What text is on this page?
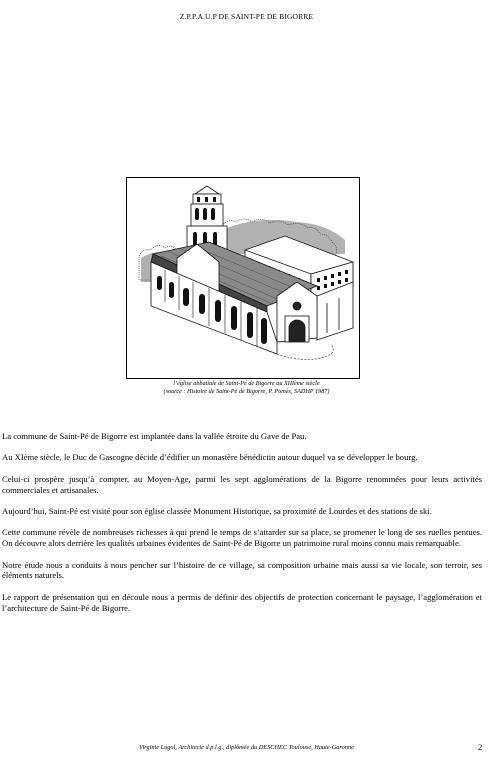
Z.P.P.A.U.P DE SAINT-PE DE BIGORRE
l’église abbatiale de Saint-Pé de Bigorre au XIIIème siècle
(source : Histoire de Saint-Pé de Bigorre, P. Pomès, SADHP 1987)

La commune de Saint-Pé de Bigorre est implantée dans la vallée étroite du Gave de Pau.

Au XIème siècle, le Duc de Gascogne décide d’édifier un monastère bénédictin autour duquel va se développer le bourg.

Celui-ci prospère jusqu’à compter, au Moyen-Age, parmi les sept agglomérations de la Bigorre renommées pour leurs activités commerciales et artisanales.

Aujourd’hui, Saint-Pé est visité pour son église classée Monument Historique, sa proximité de Lourdes et des stations de ski.

Cette commune révèle de nombreuses richesses à qui prend le temps de s’attarder sur sa place, se promener le long de ses ruelles pentues. On découvre alors derrière les qualités urbaines évidentes de Saint-Pé de Bigorre un patrimoine rural moins connu mais remarquable.

Notre étude nous a conduits à nous pencher sur l’histoire de ce village, sa composition urbaine mais aussi sa vie locale, son terroir, ses éléments naturels.

Le rapport de présentation qui en découle nous a permis de définir des objectifs de protection concernant le paysage, l’agglomération et l’architecture de Saint-Pé de Bigorre.

Virginie Lugol, Architecte d.p.l.g., diplômée du DESCHEC Toulouse, Haute-Garonne	2
